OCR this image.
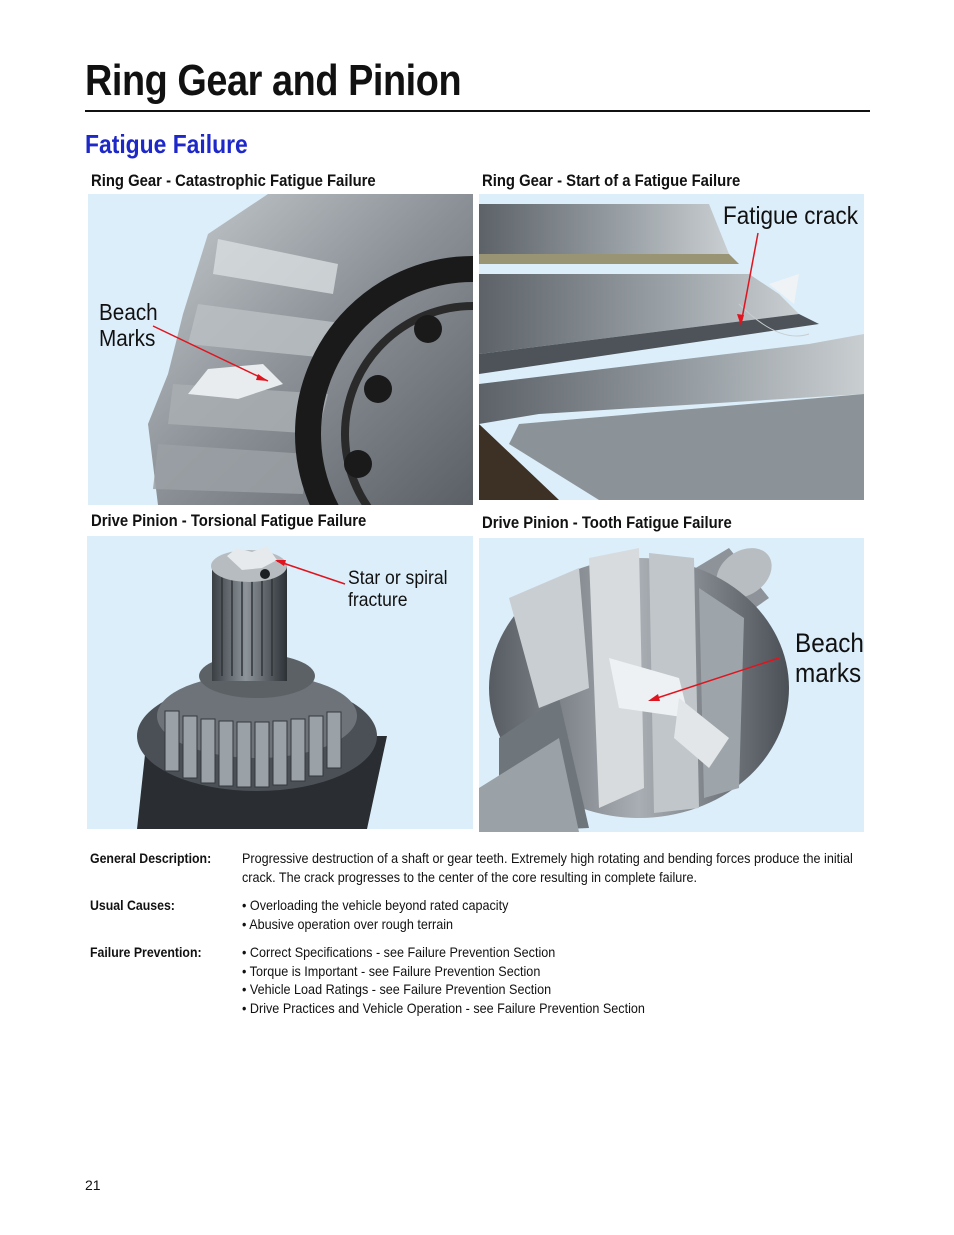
Ring Gear and Pinion
Fatigue Failure
Ring Gear - Catastrophic Fatigue Failure
Beach
Marks
Ring Gear - Start of a Fatigue Failure
Fatigue crack
Drive Pinion - Torsional Fatigue Failure
Star or spiral
fracture
Drive Pinion - Tooth Fatigue Failure
Beach
marks
General Description: Progressive destruction of a shaft or gear teeth. Extremely high rotating and bending forces produce the initial crack. The crack progresses to the center of the core resulting in complete failure.
Usual Causes:	• Overloading the vehicle beyond rated capacity
• Abusive operation over rough terrain
Failure Prevention:	• Correct Specifications - see Failure Prevention Section
• Torque is Important - see Failure Prevention Section
• Vehicle Load Ratings - see Failure Prevention Section
• Drive Practices and Vehicle Operation - see Failure Prevention Section
21
